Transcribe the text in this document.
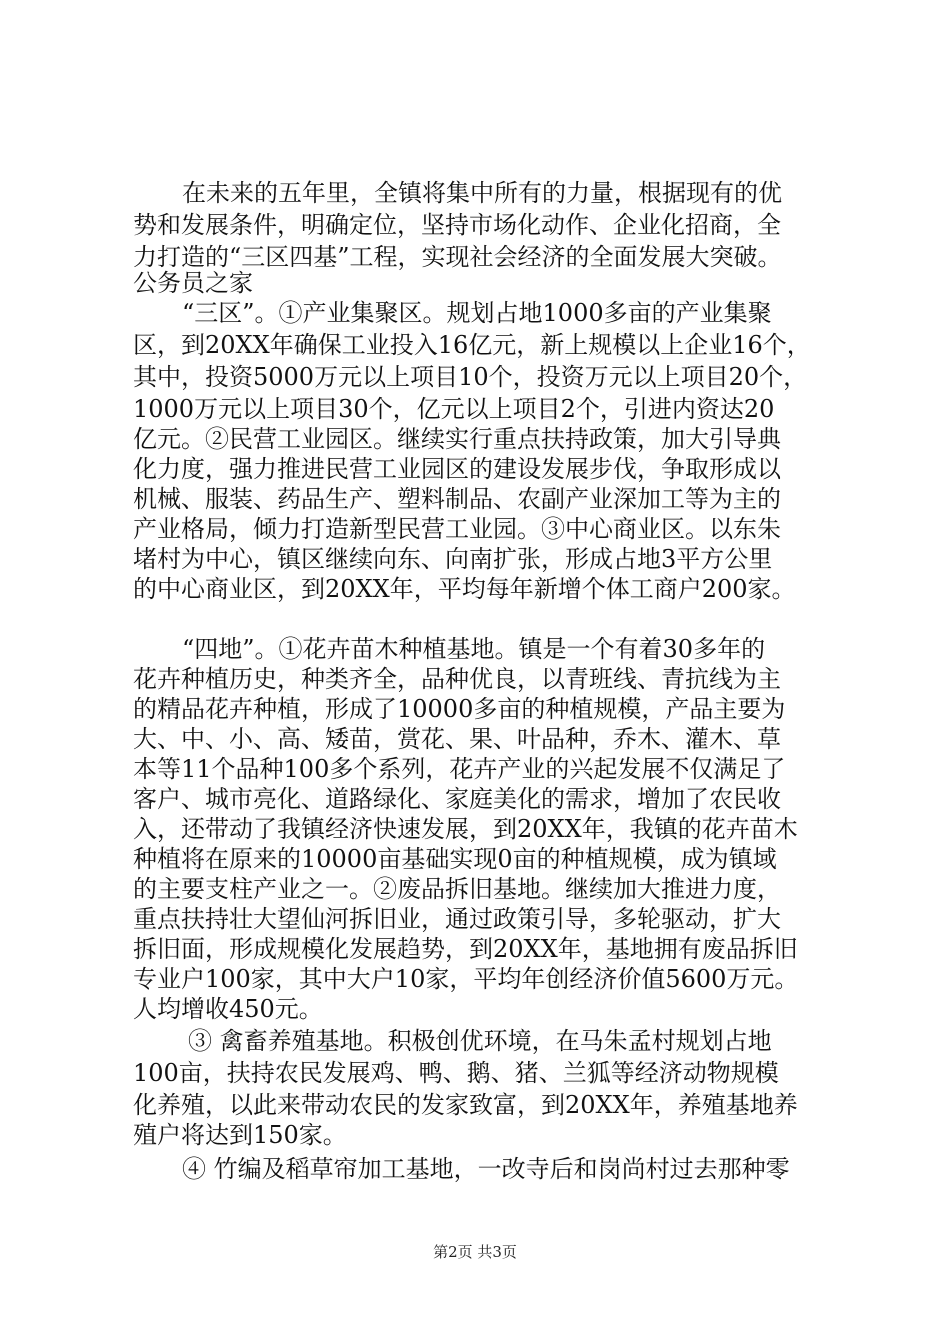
在未来的五年里，全镇将集中所有的力量，根据现有的优
势和发展条件，明确定位，坚持市场化动作、企业化招商，全
力打造的“三区四基”工程，实现社会经济的全面发展大突破。
公务员之家
“三区”。①产业集聚区。规划占地1000多亩的产业集聚
区，到20XX年确保工业投入16亿元，新上规模以上企业16个，
其中，投资5000万元以上项目10个，投资万元以上项目20个，
1000万元以上项目30个，亿元以上项目2个，引进内资达20
亿元。②民营工业园区。继续实行重点扶持政策，加大引导典
化力度，强力推进民营工业园区的建设发展步伐，争取形成以
机械、服装、药品生产、塑料制品、农副产业深加工等为主的
产业格局，倾力打造新型民营工业园。③中心商业区。以东朱
堵村为中心，镇区继续向东、向南扩张，形成占地3平方公里
的中心商业区，到20XX年，平均每年新增个体工商户200家。
“四地”。①花卉苗木种植基地。镇是一个有着30多年的
花卉种植历史，种类齐全，品种优良，以青班线、青抗线为主
的精品花卉种植，形成了10000多亩的种植规模，产品主要为
大、中、小、高、矮苗，赏花、果、叶品种，乔木、灌木、草
本等11个品种100多个系列，花卉产业的兴起发展不仅满足了
客户、城市亮化、道路绿化、家庭美化的需求，增加了农民收
入，还带动了我镇经济快速发展，到20XX年，我镇的花卉苗木
种植将在原来的10000亩基础实现0亩的种植规模，成为镇域
的主要支柱产业之一。②废品拆旧基地。继续加大推进力度，
重点扶持壮大望仙河拆旧业，通过政策引导，多轮驱动，扩大
拆旧面，形成规模化发展趋势，到20XX年，基地拥有废品拆旧
专业户100家，其中大户10家，平均年创经济价值5600万元。
人均增收450元。
③ 禽畜养殖基地。积极创优环境，在马朱孟村规划占地
100亩，扶持农民发展鸡、鸭、鹅、猪、兰狐等经济动物规模
化养殖，以此来带动农民的发家致富，到20XX年，养殖基地养
殖户将达到150家。
④ 竹编及稻草帘加工基地，一改寺后和岗尚村过去那种零
第2页 共3页
